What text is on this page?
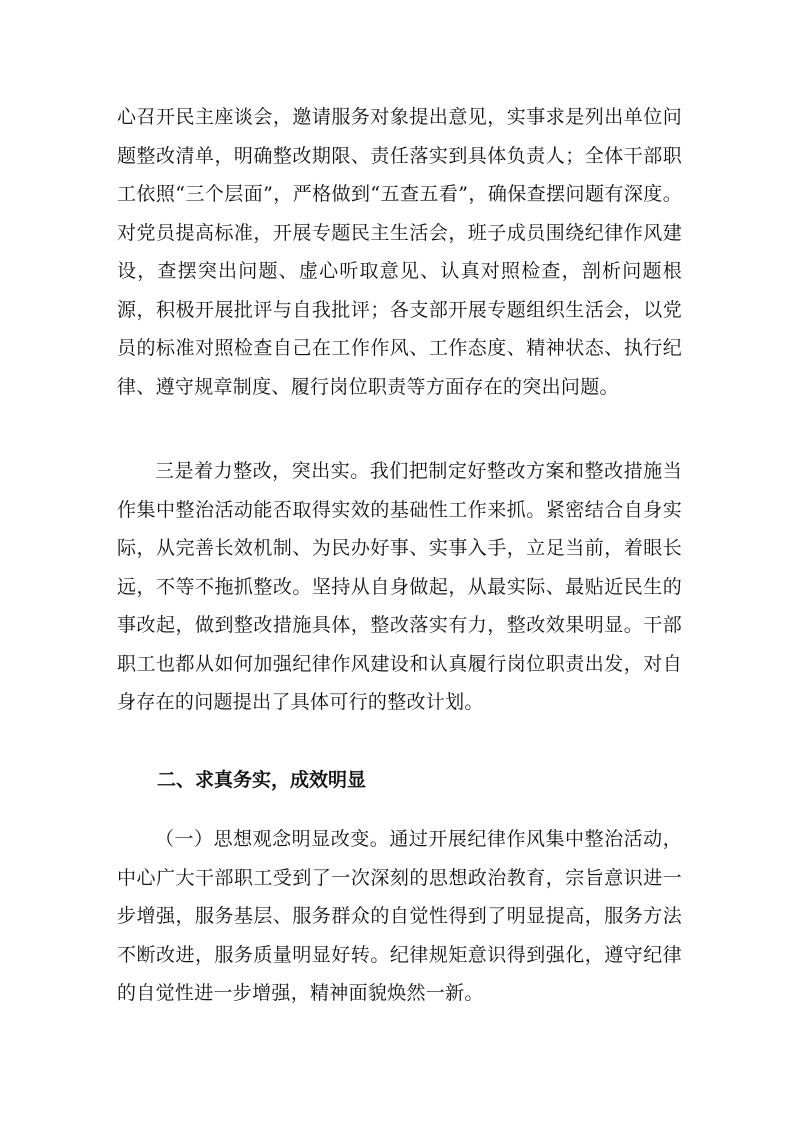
心召开民主座谈会，邀请服务对象提出意见，实事求是列出单位问题整改清单，明确整改期限、责任落实到具体负责人；全体干部职工依照“三个层面”，严格做到“五查五看”，确保查摆问题有深度。对党员提高标准，开展专题民主生活会，班子成员围绕纪律作风建设，查摆突出问题、虚心听取意见、认真对照检查，剖析问题根源，积极开展批评与自我批评；各支部开展专题组织生活会，以党员的标准对照检查自己在工作作风、工作态度、精神状态、执行纪律、遵守规章制度、履行岗位职责等方面存在的突出问题。

三是着力整改，突出实。我们把制定好整改方案和整改措施当作集中整治活动能否取得实效的基础性工作来抓。紧密结合自身实际，从完善长效机制、为民办好事、实事入手，立足当前，着眼长远，不等不拖抓整改。坚持从自身做起，从最实际、最贴近民生的事改起，做到整改措施具体，整改落实有力，整改效果明显。干部职工也都从如何加强纪律作风建设和认真履行岗位职责出发，对自身存在的问题提出了具体可行的整改计划。

二、求真务实，成效明显

（一）思想观念明显改变。通过开展纪律作风集中整治活动，中心广大干部职工受到了一次深刻的思想政治教育，宗旨意识进一步增强，服务基层、服务群众的自觉性得到了明显提高，服务方法不断改进，服务质量明显好转。纪律规矩意识得到强化，遵守纪律的自觉性进一步增强，精神面貌焕然一新。
